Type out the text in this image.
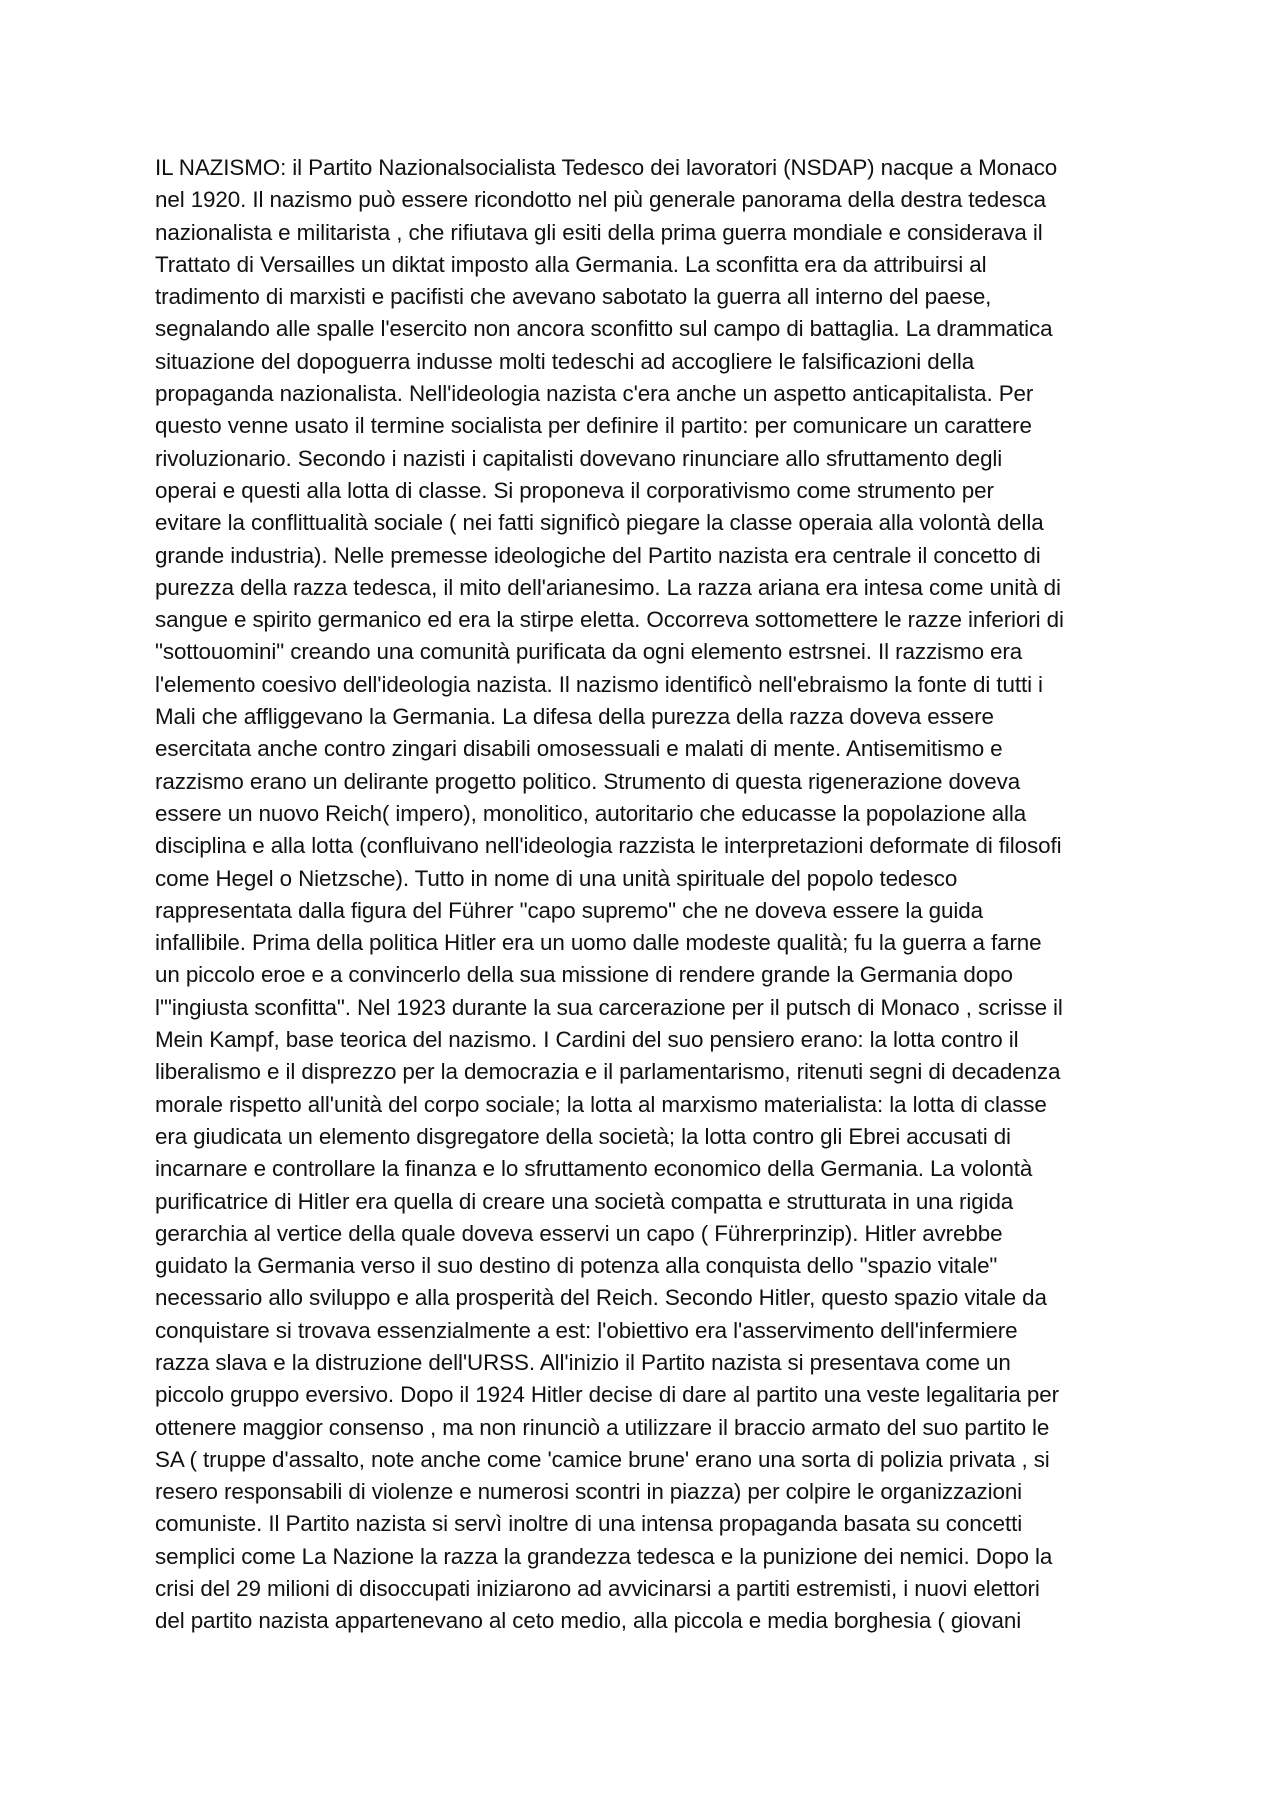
IL NAZISMO: il Partito Nazionalsocialista Tedesco dei lavoratori (NSDAP) nacque a Monaco
nel 1920. Il nazismo può essere ricondotto nel più generale panorama della destra tedesca
nazionalista e militarista , che rifiutava gli esiti della prima guerra mondiale e considerava il
Trattato di Versailles un diktat imposto alla Germania. La sconfitta era da attribuirsi al
tradimento di marxisti e pacifisti che avevano sabotato la guerra all interno del paese,
segnalando alle spalle l'esercito non ancora sconfitto sul campo di battaglia. La drammatica
situazione del dopoguerra indusse molti tedeschi ad accogliere le falsificazioni della
propaganda nazionalista. Nell'ideologia nazista c'era anche un aspetto anticapitalista. Per
questo venne usato il termine socialista per definire il partito: per comunicare un carattere
rivoluzionario. Secondo i nazisti i capitalisti dovevano rinunciare allo sfruttamento degli
operai e questi alla lotta di classe. Si proponeva il corporativismo come strumento per
evitare la conflittualità sociale ( nei fatti significò piegare la classe operaia alla volontà della
grande industria). Nelle premesse ideologiche del Partito nazista era centrale il concetto di
purezza della razza tedesca, il mito dell'arianesimo. La razza ariana era intesa come unità di
sangue e spirito germanico ed era la stirpe eletta. Occorreva sottomettere le razze inferiori di
"sottouomini" creando una comunità purificata da ogni elemento estrsnei. Il razzismo era
l'elemento coesivo dell'ideologia nazista. Il nazismo identificò nell'ebraismo la fonte di tutti i
Mali che affliggevano la Germania. La difesa della purezza della razza doveva essere
esercitata anche contro zingari disabili omosessuali e malati di mente. Antisemitismo e
razzismo erano un delirante progetto politico. Strumento di questa rigenerazione doveva
essere un nuovo Reich( impero), monolitico, autoritario che educasse la popolazione alla
disciplina e alla lotta (confluivano nell'ideologia razzista le interpretazioni deformate di filosofi
come Hegel o Nietzsche). Tutto in nome di una unità spirituale del popolo tedesco
rappresentata dalla figura del Führer "capo supremo" che ne doveva essere la guida
infallibile. Prima della politica Hitler era un uomo dalle modeste qualità; fu la guerra a farne
un piccolo eroe e a convincerlo della sua missione di rendere grande la Germania dopo
l'"ingiusta sconfitta". Nel 1923 durante la sua carcerazione per il putsch di Monaco , scrisse il
Mein Kampf, base teorica del nazismo. I Cardini del suo pensiero erano: la lotta contro il
liberalismo e il disprezzo per la democrazia e il parlamentarismo, ritenuti segni di decadenza
morale rispetto all'unità del corpo sociale; la lotta al marxismo materialista: la lotta di classe
era giudicata un elemento disgregatore della società; la lotta contro gli Ebrei accusati di
incarnare e controllare la finanza e lo sfruttamento economico della Germania. La volontà
purificatrice di Hitler era quella di creare una società compatta e strutturata in una rigida
gerarchia al vertice della quale doveva esservi un capo ( Führerprinzip). Hitler avrebbe
guidato la Germania verso il suo destino di potenza alla conquista dello "spazio vitale"
necessario allo sviluppo e alla prosperità del Reich. Secondo Hitler, questo spazio vitale da
conquistare si trovava essenzialmente a est: l'obiettivo era l'asservimento dell'infermiere
razza slava e la distruzione dell'URSS. All'inizio il Partito nazista si presentava come un
piccolo gruppo eversivo. Dopo il 1924 Hitler decise di dare al partito una veste legalitaria per
ottenere maggior consenso , ma non rinunciò a utilizzare il braccio armato del suo partito le
SA ( truppe d'assalto, note anche come 'camice brune' erano una sorta di polizia privata , si
resero responsabili di violenze e numerosi scontri in piazza) per colpire le organizzazioni
comuniste. Il Partito nazista si servì inoltre di una intensa propaganda basata su concetti
semplici come La Nazione la razza la grandezza tedesca e la punizione dei nemici. Dopo la
crisi del 29 milioni di disoccupati iniziarono ad avvicinarsi a partiti estremisti, i nuovi elettori
del partito nazista appartenevano al ceto medio, alla piccola e media borghesia ( giovani
